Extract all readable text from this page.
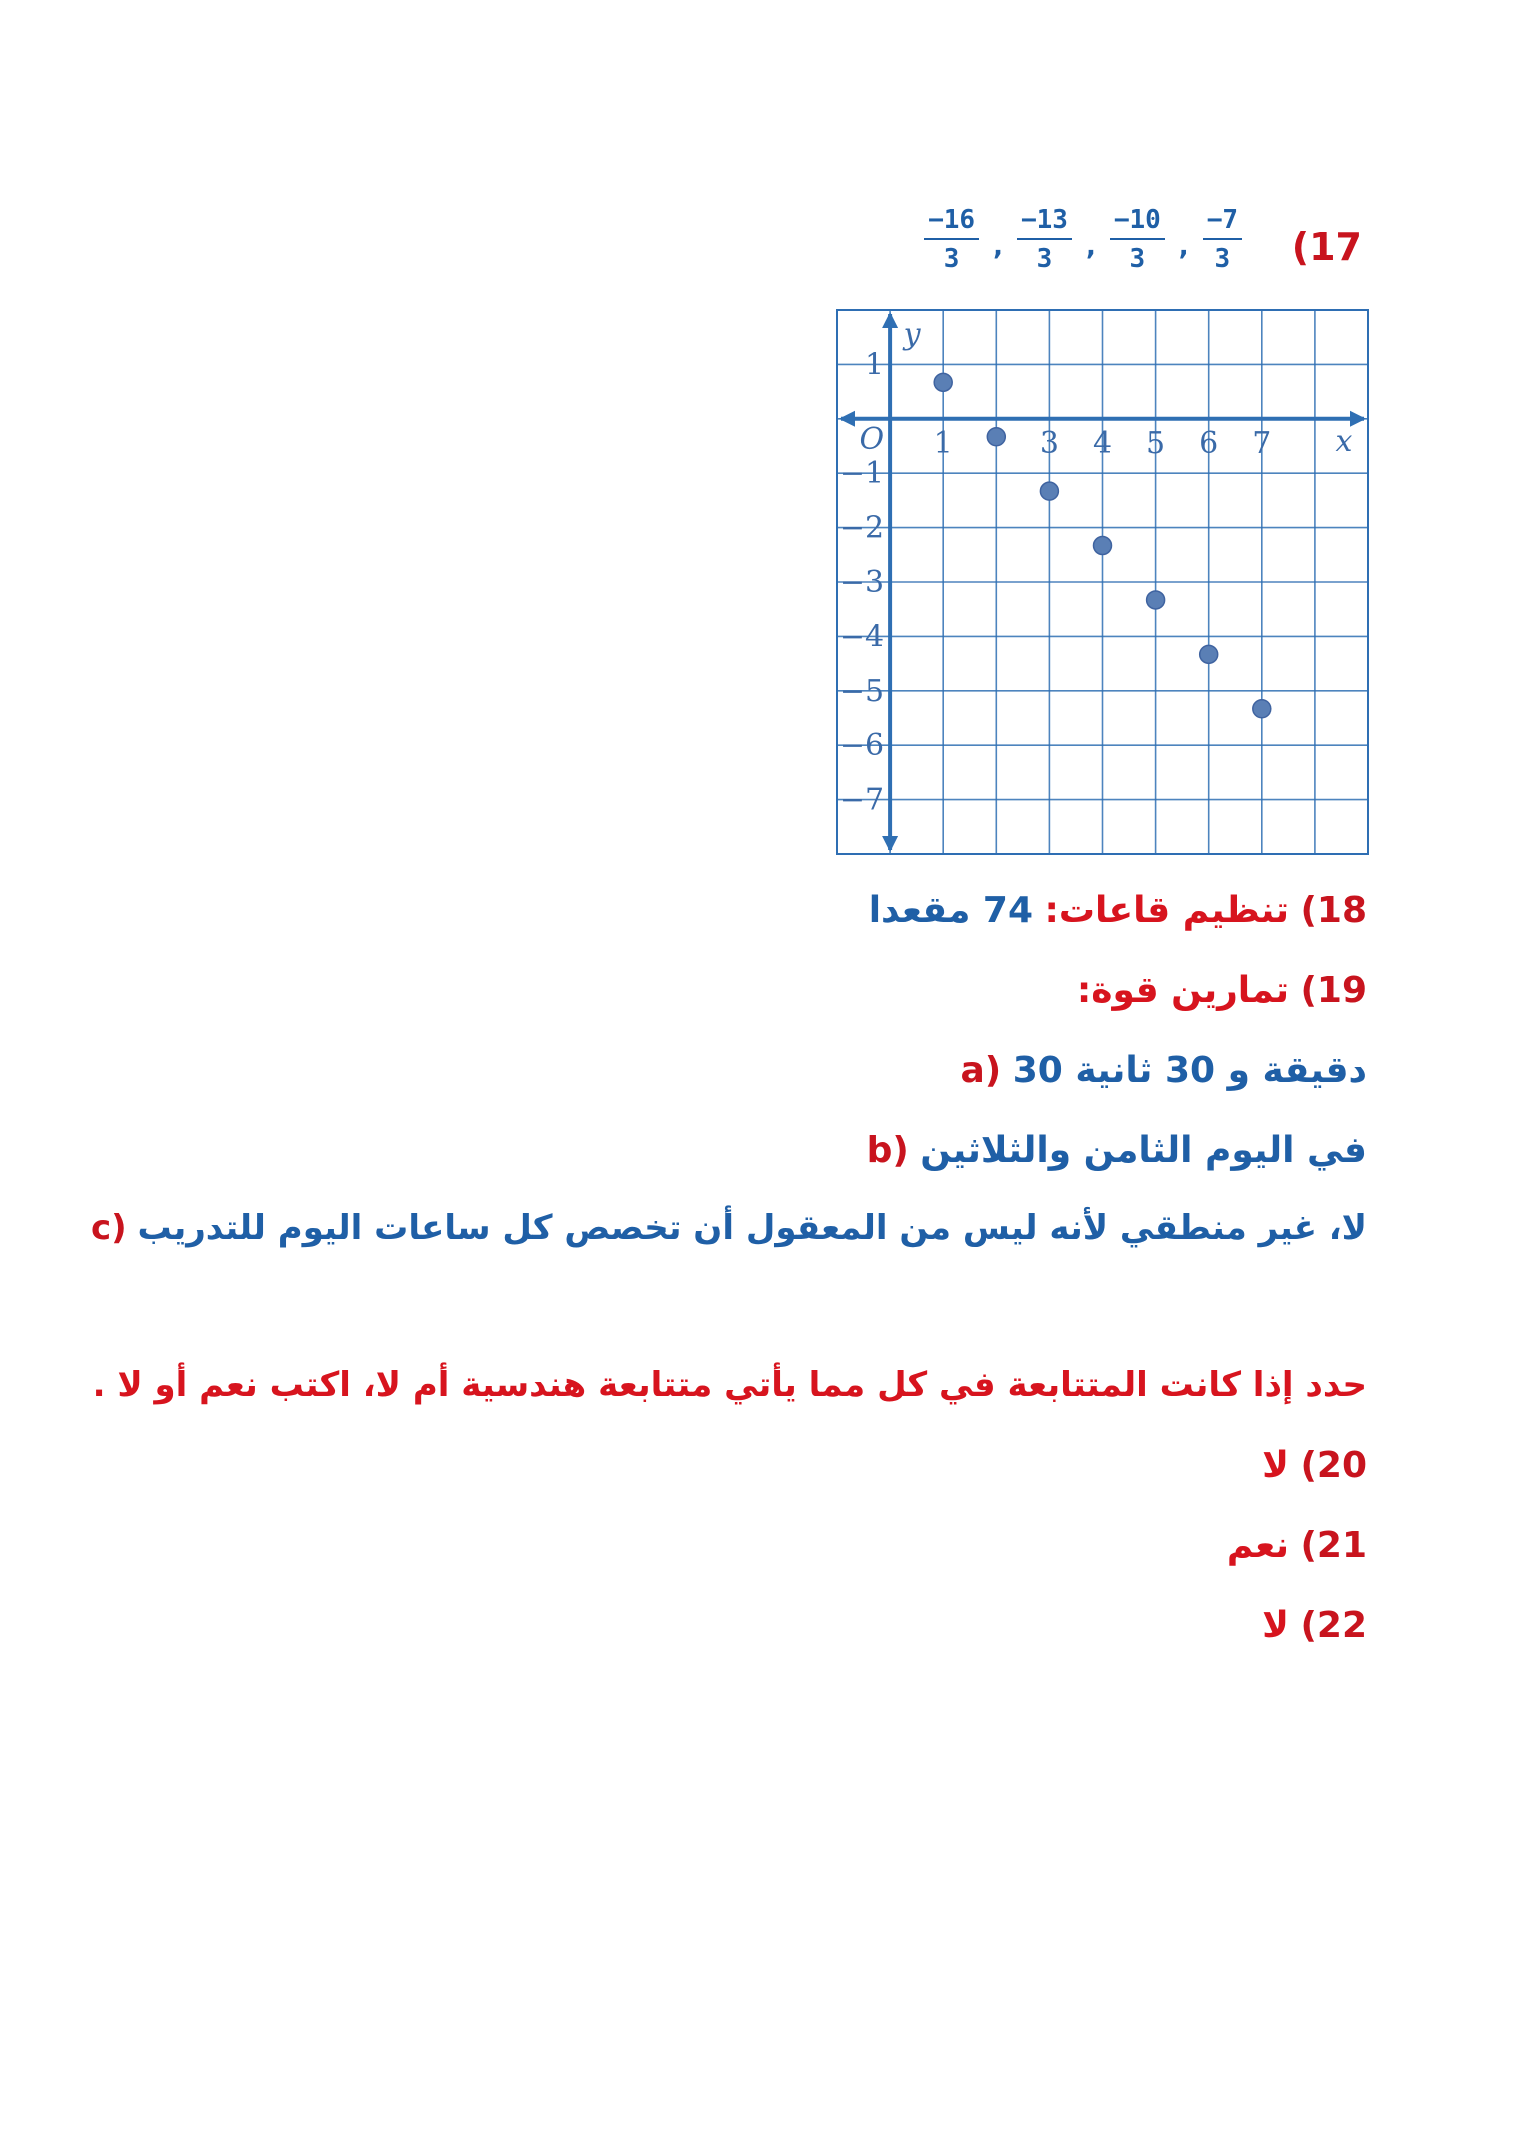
(17
$\frac{-7}{3}$
,
$\frac{-10}{3}$
,
$\frac{-13}{3}$
,
$\frac{-16}{3}$
1	3 4 5 6 7
1
−1
−2
−3
−4
−5
−6
−7
O	x
y
18) تنظيم قاعات: 74 مقعدا
19) تمارين قوة:
a) 30 دقيقة و 30 ثانية
b) في اليوم الثامن والثلاثين
c) لا، غير منطقي لأنه ليس من المعقول أن تخصص كل ساعات اليوم للتدريب
حدد إذا كانت المتتابعة في كل مما يأتي متتابعة هندسية أم لا، اكتب نعم أو لا .
20) لا
21) نعم
22) لا
